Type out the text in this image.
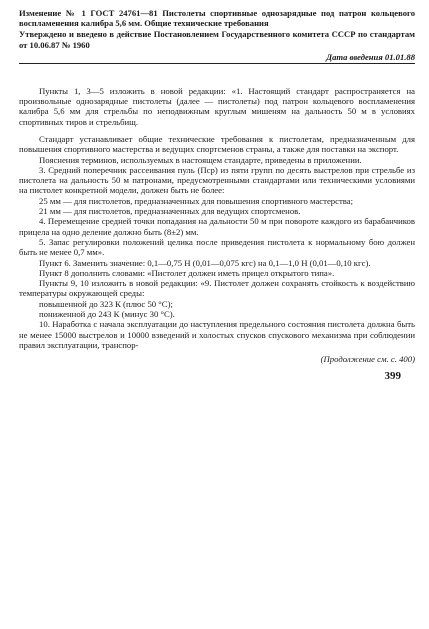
Изменение № 1 ГОСТ 24761—81 Пистолеты спортивные однозарядные под патрон кольцевого воспламенения калибра 5,6 мм. Общие технические требования

Утверждено и введено в действие Постановлением Государственного комитета СССР по стандартам от 10.06.87 № 1960

Дата введения 01.01.88

Пункты 1, 3—5 изложить в новой редакции: «1. Настоящий стандарт распространяется на произвольные однозарядные пистолеты (далее — пистолеты) под патрон кольцевого воспламенения калибра 5,6 мм для стрельбы по неподвижным круглым мишеням на дальность 50 м в условиях спортивных тиров и стрельбищ.

Стандарт устанавливает общие технические требования к пистолетам, предназначенным для повышения спортивного мастерства и ведущих спортсменов страны, а также для поставки на экспорт.

Пояснения терминов, используемых в настоящем стандарте, приведены в приложении.

3. Средний поперечник рассеивания пуль (Пср) из пяти групп по десять выстрелов при стрельбе из пистолета на дальность 50 м патронами, предусмотренными стандартами или техническими условиями на пистолет конкретной модели, должен быть не более:

25 мм — для пистолетов, предназначенных для повышения спортивного мастерства;

21 мм — для пистолетов, предназначенных для ведущих спортсменов.

4. Перемещение средней точки попадания на дальности 50 м при повороте каждого из барабанчиков прицела на одно деление должно быть (8±2) мм.

5. Запас регулировки положений целика после приведения пистолета к нормальному бою должен быть не менее 0,7 мм».

Пункт 6. Заменить значение: 0,1—0,75 Н (0,01—0,075 кгс) на 0,1—1,0 Н (0,01—0,10 кгс).

Пункт 8 дополнить словами: «Пистолет должен иметь прицел открытого типа».

Пункты 9, 10 изложить в новой редакции: «9. Пистолет должен сохранять стойкость к воздействию температуры окружающей среды:

повышенной до 323 К (плюс 50 °С);

пониженной до 243 К (минус 30 °С).

10. Наработка с начала эксплуатации до наступления предельного состояния пистолета должна быть не менее 15000 выстрелов и 10000 взведений и холостых спусков спускового механизма при соблюдении правил эксплуатации, транспор-

(Продолжение см. с. 400)
399
